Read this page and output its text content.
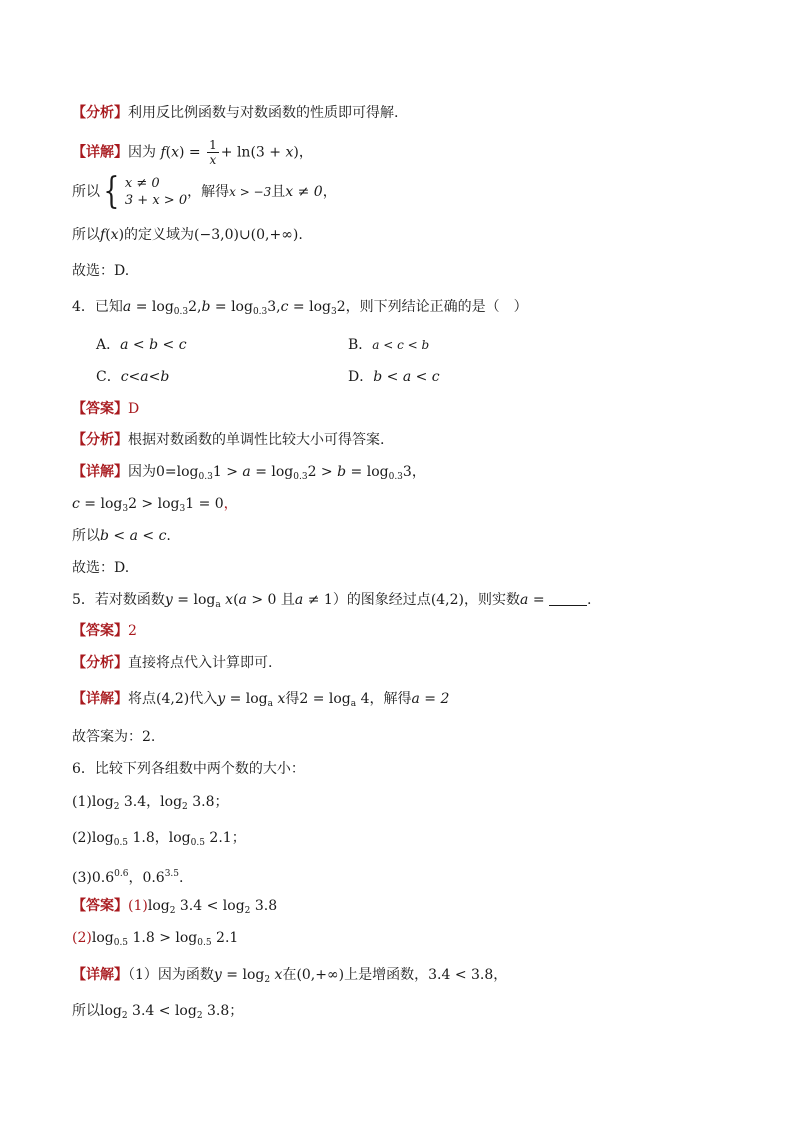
【分析】利用反比例函数与对数函数的性质即可得解.
【详解】因为 $f(x) = \frac{1}{x} + \ln(3 + x)$，
所以 { x ≠ 0
3 + x > 0
，解得x > −3且x ≠ 0，
所以f(x)的定义域为(−3,0)∪(0,+∞).
故选：D.
4．已知$a = \log_{0.3}2,b = \log_{0.3}3,c = \log_32$，则下列结论正确的是（　）
A．a < b < c	B．a < c < b
C．c<a<b	D．b < a < c
【答案】D
【分析】根据对数函数的单调性比较大小可得答案.
【详解】因为$0=\log_{0.3}1 > a = \log_{0.3}2 > b = \log_{0.3}3$，
$c = \log_32 > \log_31 = 0$，
所以b < a < c.
故选：D.
5．若对数函数$y = \log_a x(a > 0$ 且a ≠ 1）的图象经过点(4,2)，则实数a =	.
【答案】2
【分析】直接将点代入计算即可.
【详解】将点(4,2)代入$y = \log_a x$得$2 = \log_a 4$，解得a = 2
故答案为：2.
6．比较下列各组数中两个数的大小：
$(1)\log_2$ 3.4，$\log_2 3.8$；
$(2)\log_{0.5}$ 1.8，$\log_{0.5} 2.1$；
$(3)0.6^{0.6}$，$0.6^{3.5}$.
【答案】$(1)\log_2$ $3.4 < \log_2 3.8$
$(2)\log_{0.5}$ $1.8 > \log_{0.5} 2.1$
【详解】（1）因为函数$y = \log_2 x$在(0,+∞)上是增函数，3.4 < 3.8，
所以$\log_2 3.4 < \log_2 3.8$；
